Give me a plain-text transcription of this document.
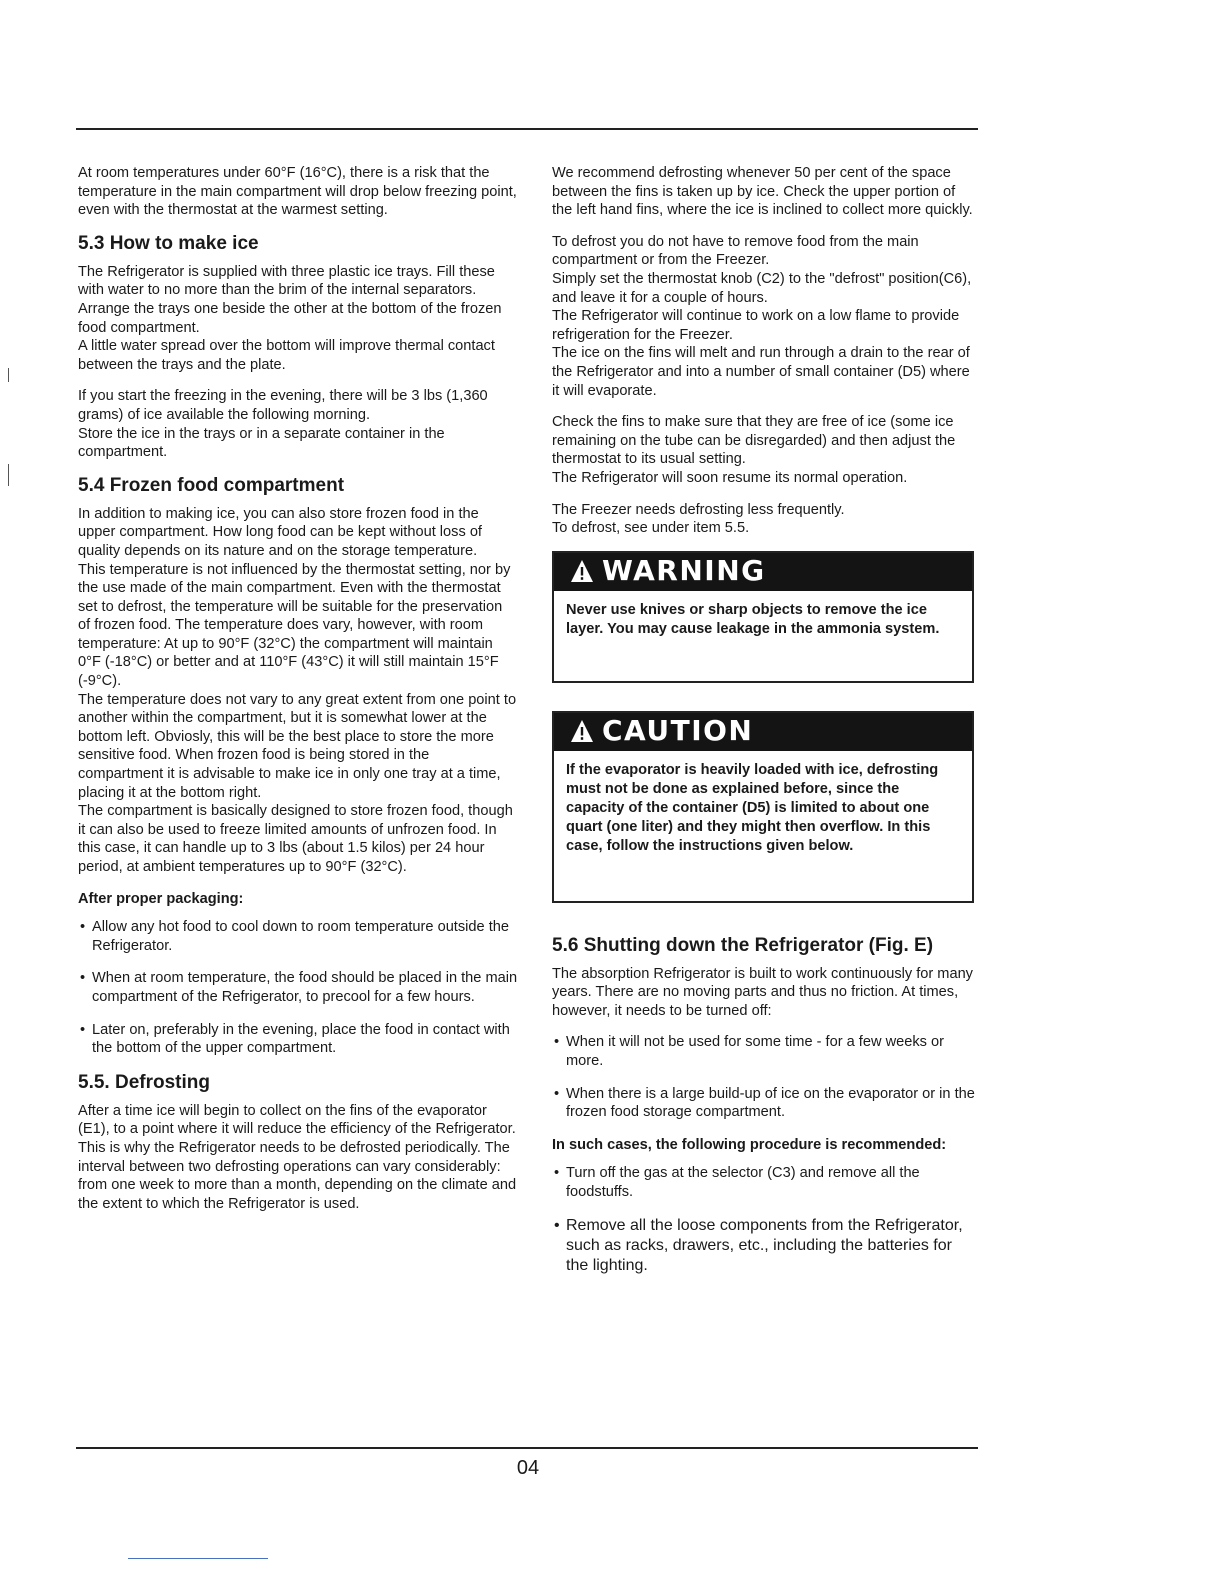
At room temperatures under 60°F (16°C), there is a risk that the temperature in the main compartment will drop below freezing point, even with the thermostat at the warmest setting.

5.3 How to make ice

The Refrigerator is supplied with three plastic ice trays. Fill these with water to no more than the brim of the internal separators. Arrange the trays one beside the other at the bottom of the frozen food compartment.

A little water spread over the bottom will improve thermal contact between the trays and the plate.

If you start the freezing in the evening, there will be 3 lbs (1,360 grams) of ice available the following morning.

Store the ice in the trays or in a separate container in the compartment.

5.4 Frozen food compartment

In addition to making ice, you can also store frozen food in the upper compartment. How long food can be kept without loss of quality depends on its nature and on the storage temperature.

This temperature is not influenced by the thermostat setting, nor by the use made of the main compartment. Even with the thermostat set to defrost, the temperature will be suitable for the preservation of frozen food. The temperature does vary, however, with room temperature: At up to 90°F (32°C) the compartment will maintain 0°F (-18°C) or better and at 110°F (43°C) it will still maintain 15°F (-9°C).

The temperature does not vary to any great extent from one point to another within the compartment, but it is somewhat lower at the bottom left. Obviosly, this will be the best place to store the more sensitive food. When frozen food is being stored in the compartment it is advisable to make ice in only one tray at a time, placing it at the bottom right.

The compartment is basically designed to store frozen food, though it can also be used to freeze limited amounts of unfrozen food. In this case, it can handle up to 3 lbs (about 1.5 kilos) per 24 hour period, at ambient temperatures up to 90°F (32°C).

After proper packaging:
• Allow any hot food to cool down to room temperature outside the Refrigerator.
• When at room temperature, the food should be placed in the main compartment of the Refrigerator, to precool for a few hours.
• Later on, preferably in the evening, place the food in contact with the bottom of the upper compartment.
5.5. Defrosting

After a time ice will begin to collect on the fins of the evaporator (E1), to a point where it will reduce the efficiency of the Refrigerator. This is why the Refrigerator needs to be defrosted periodically. The interval between two defrosting operations can vary considerably:

from one week to more than a month, depending on the climate and the extent to which the Refrigerator is used.

We recommend defrosting whenever 50 per cent of the space between the fins is taken up by ice. Check the upper portion of the left hand fins, where the ice is inclined to collect more quickly.

To defrost you do not have to remove food from the main compartment or from the Freezer.

Simply set the thermostat knob (C2) to the "defrost" position(C6), and leave it for a couple of hours.

The Refrigerator will continue to work on a low flame to provide refrigeration for the Freezer.

The ice on the fins will melt and run through a drain to the rear of the Refrigerator and into a number of small container (D5) where it will evaporate.

Check the fins to make sure that they are free of ice (some ice remaining on the tube can be disregarded) and then adjust the thermostat to its usual setting.

The Refrigerator will soon resume its normal operation.

The Freezer needs defrosting less frequently.

To defrost, see under item 5.5.

WARNING
Never use knives or sharp objects to remove the ice layer. You may cause leakage in the ammonia system.
CAUTION
If the evaporator is heavily loaded with ice, defrosting must not be done as explained before, since the capacity of the container (D5) is limited to about one quart (one liter) and they might then overflow. In this case, follow the instructions given below.
5.6 Shutting down the Refrigerator (Fig. E)

The absorption Refrigerator is built to work continuously for many years. There are no moving parts and thus no friction. At times, however, it needs to be turned off:

• When it will not be used for some time - for a few weeks or more.
• When there is a large build-up of ice on the evaporator or in the frozen food storage compartment.
In such cases, the following procedure is recommended:
• Turn off the gas at the selector (C3) and remove all the foodstuffs.
• Remove all the loose components from the Refrigerator, such as racks, drawers, etc., including the batteries for the lighting.
04
